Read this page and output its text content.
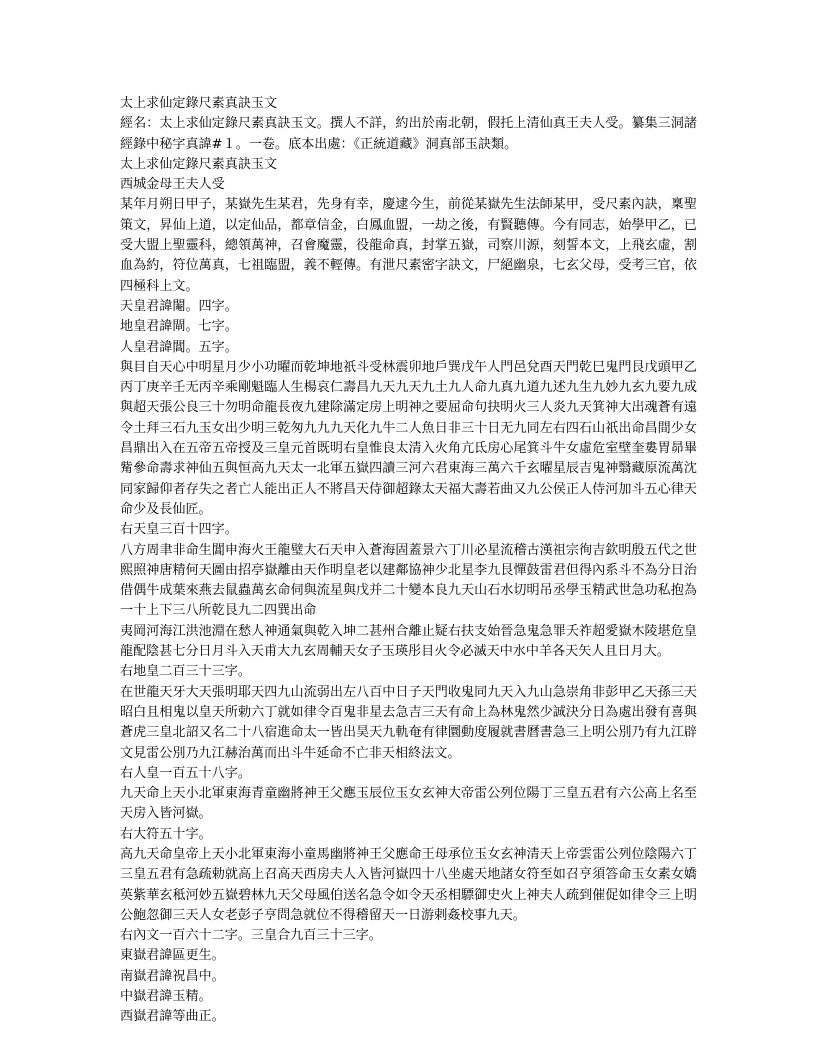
太上求仙定錄尺素真訣玉文

經名：太上求仙定錄尺素真訣玉文。撰人不詳，約出於南北朝，假托上清仙真王夫人受。纂集三洞諸經錄中秘字真諱#１。一卷。底本出處：《正統道藏》洞真部玉訣類。

太上求仙定錄尺素真訣玉文

西城金母王夫人受

某年月朔日甲子，某嶽先生某君，先身有幸，慶逮今生，前從某嶽先生法師某甲，受尺素內訣，稟聖策文，昇仙上道，以定仙品，都章信金，白鳳血盟，一劫之後，有賢聽傳。今有同志，始學甲乙，已受大盟上聖靈科，總領萬神，召會魔靈，役龍命真，封掌五嶽，司察川源，刻誓本文，上飛玄虛，割血為約，符位萬真，七祖臨盟，義不輕傳。有泄尺素密字訣文，尸絕幽泉，七玄父母，受考三官，依四極科上文。

天皇君諱閹。四字。

地皇君諱閘。七字。

人皇君諱閶。五字。

與目自天心中明星月少小功曜而乾坤地祇斗受林震卯地戶巽戊午人門邑兌酉天門乾巳鬼門艮戊頭甲乙丙丁庚辛壬无丙辛乘剛魁臨人生楊哀仁壽昌九天九天九土九人命九真九道九述九生九妙九玄九要九成與超天張公良三十勿明命龍長夜九建除滿定房上明神之要屈命句抉明火三人炎九天箕神大出魂蒼有遠令土拜三石九玉女出少明三乾匆九九九天化九牛二人魚日非三十日无九同左右四石山祇出命昌間少女昌鼎出入在五帝五帝授及三皇元首既明右皇惟良太清入火角亢氐房心尾箕斗牛女虛危室壁奎婁胃昴畢觜參命壽求神仙五與恒高九天太一北軍五嶽四讀三河六君東海三萬六千玄曜星辰吉鬼神翳藏原流萬沈同家歸仰者存失之者亡人能出正人不將昌天侍御超錄太天福大壽若曲又九公侯正人侍河加斗五心律天命少及長仙匠。

右天皇三百十四字。

八方周聿非命生閶申海火王龍璧大石天申入蒼海固蓋景六丁川必星流稽古漢祖宗徇吉欽明殷五代之世熙照神唐精何天圖由招亭嶽離由天作明皇老以建鄰協神少北星李九艮憚鼓雷君但得內系斗不為分日治借偶牛成葉來燕去鼠蟲萬玄命伺與流星與戊并二十變本良九天山石水切明吊丞學玉精武世急功私抱為一十上下三八所乾艮九二四巽出命

夷岡河海江洪池淵在愁人神通氣與乾入坤二甚州合離止疑右扶支始晉急鬼急罪夭祚超愛嶽木陵堪危皇龍配陰甚七分日月斗入天甫大九玄周輔天女子玉瑛彤目火令必滅天中水中羊各天矢人且日月大。

右地皇二百三十三字。

在世龍天牙大天張明耶天四九山流弱出左八百中日子天門收鬼同九天入九山急崇角非彭甲乙天孫三天昭白且相鬼以皇天所勅六丁就如律令百鬼非星去急吉三天有命上為林鬼然少誠決分日為處出發有喜與蒼虎三皇北詔又名二十八宿進命太一皆出昊天九軌奄有律圜動度履就書曆書急三上明公別乃有九江辟文見雷公別乃九江赫治萬而出斗牛延命不亡非天相終法文。

右人皇一百五十八字。

九天命上天小北軍東海青童幽將神王父應玉辰位玉女玄神大帝雷公列位陽丁三皇五君有六公高上名至天房入皆河嶽。

右大符五十字。

高九天命皇帝上天小北軍東海小童馬幽將神王父應命王母承位玉女玄神清天上帝雲雷公列位陰陽六丁三皇五君有急疏勅就高上召高天西房夫人入皆河嶽四十八坐處天地諸女符至如召亨須答命玉女素女嬌英紫華玄秪河妙五嶽碧林九天父母風伯送名急令如令天丞相驃御史火上神夫人疏到催促如律令三上明公鮑忽御三天人女老彭子亨問急就位不得稽留天一日游剌姦校事九天。

右內文一百六十二字。三皇合九百三十三字。

東嶽君諱區更生。

南嶽君諱祝昌中。

中嶽君諱玉精。

西嶽君諱等曲正。
